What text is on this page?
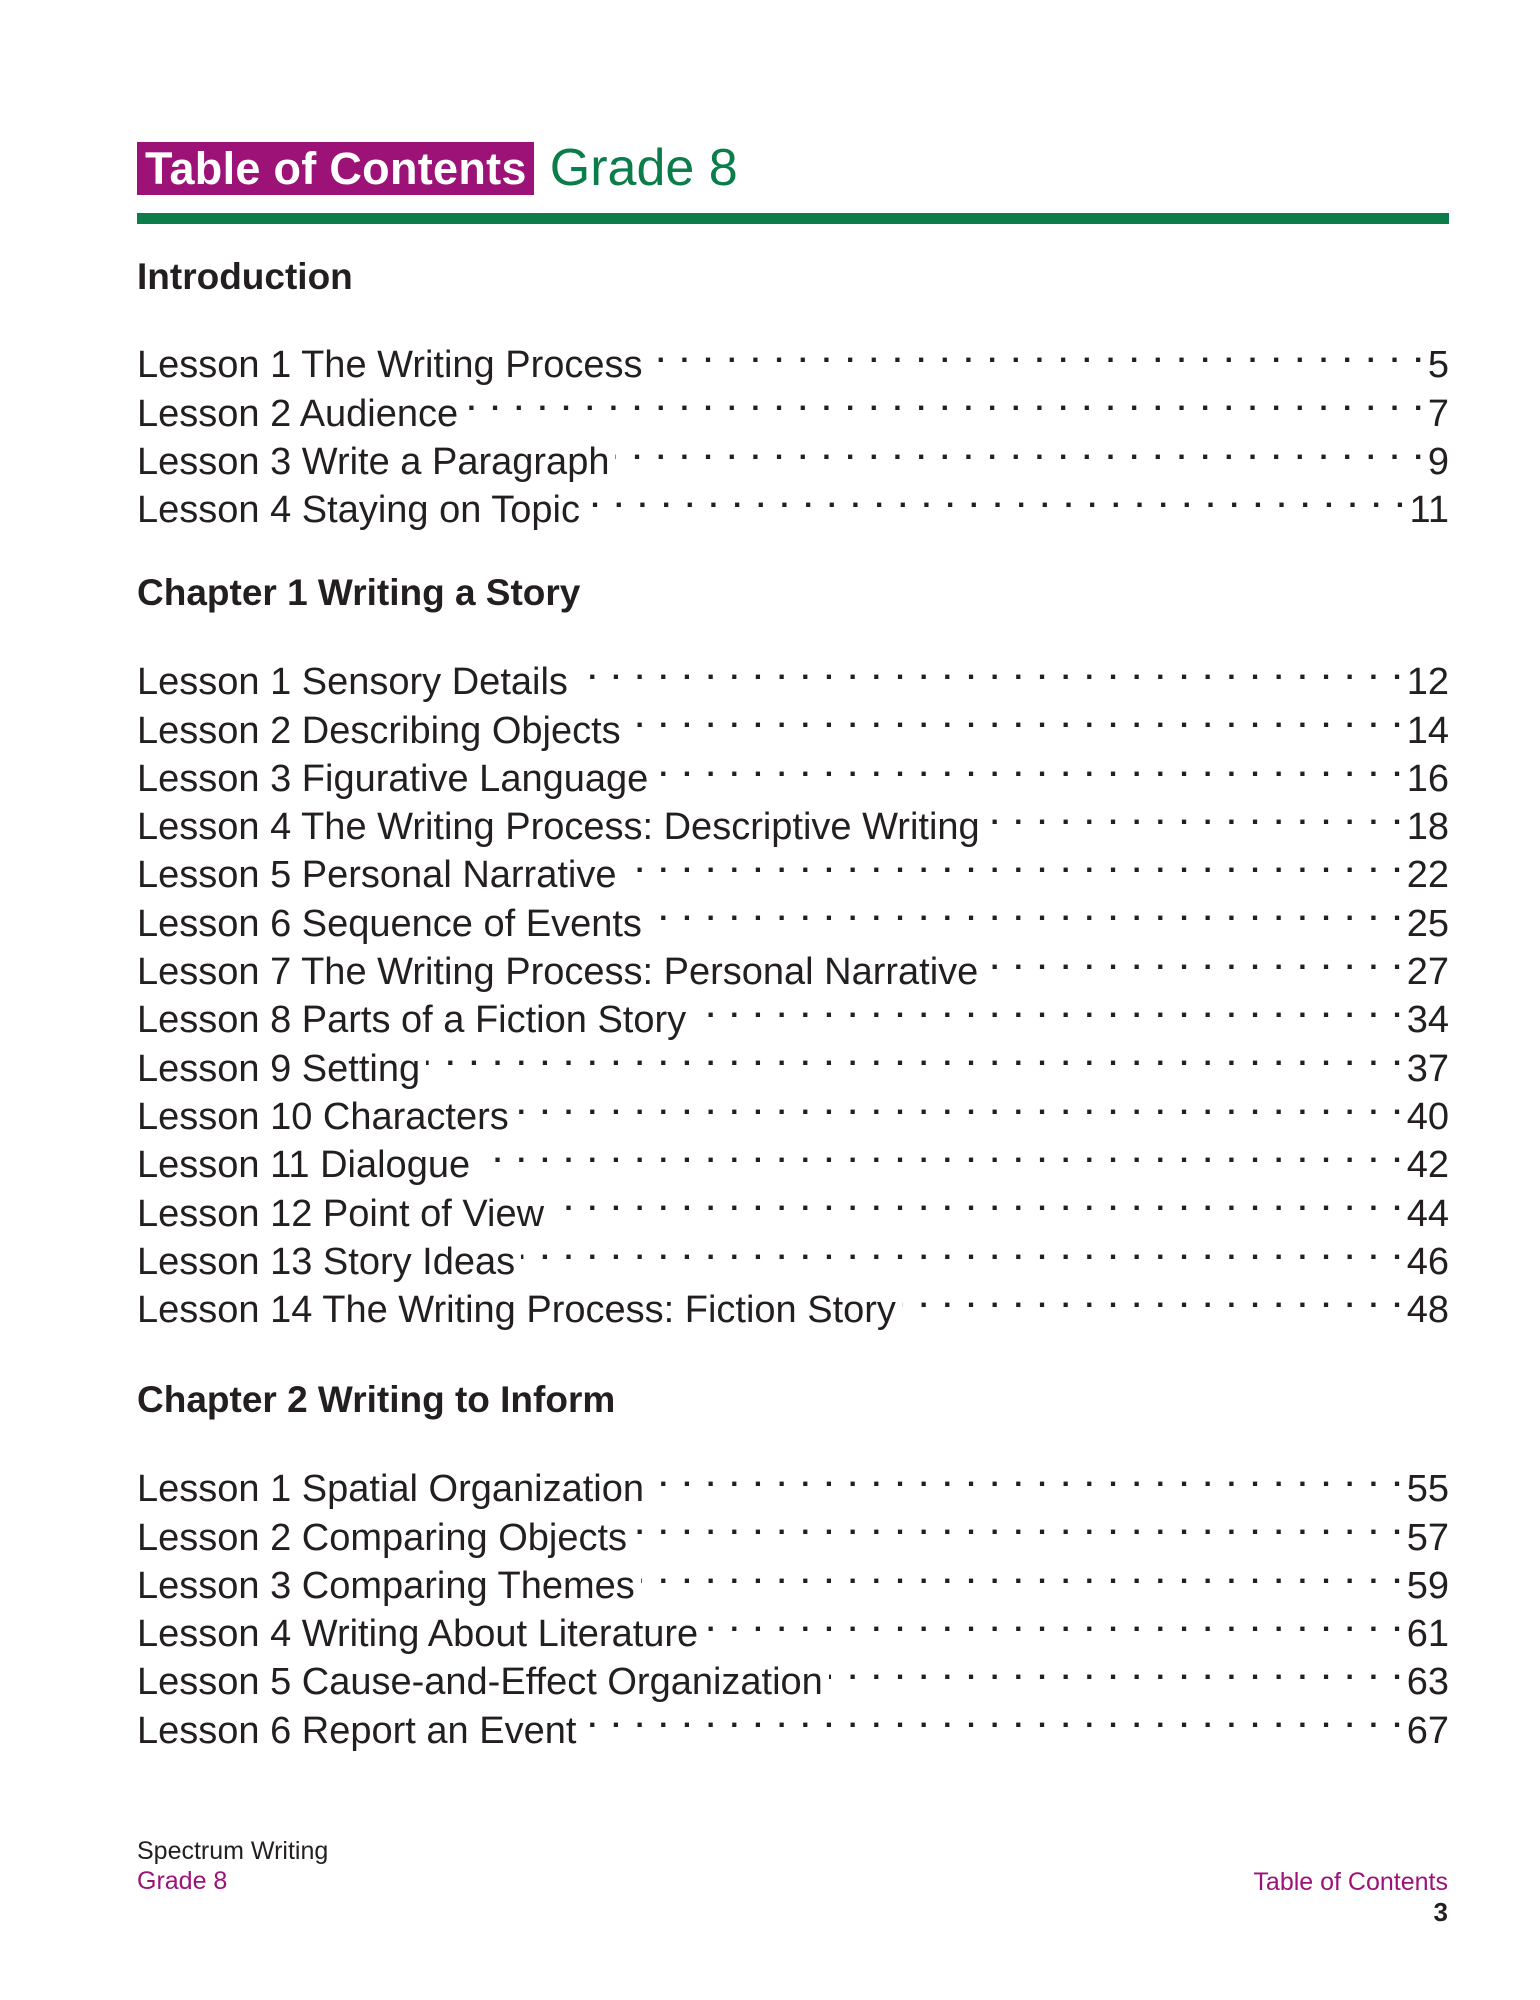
Table of Contents Grade 8
Introduction
Lesson 1 The Writing Process . . .	5
Lesson 2 Audience . . .	7
Lesson 3 Write a Paragraph . . .	9
Lesson 4 Staying on Topic . . .	11
Chapter 1 Writing a Story
Lesson 1 Sensory Details . . .	12
Lesson 2 Describing Objects . . .	14
Lesson 3 Figurative Language . . .	16
Lesson 4 The Writing Process: Descriptive Writing . . .	18
Lesson 5 Personal Narrative . . .	22
Lesson 6 Sequence of Events . . .	25
Lesson 7 The Writing Process: Personal Narrative . . .	27
Lesson 8 Parts of a Fiction Story . . .	34
Lesson 9 Setting . . .	37
Lesson 10 Characters . . .	40
Lesson 11 Dialogue . . .	42
Lesson 12 Point of View . . .	44
Lesson 13 Story Ideas . . .	46
Lesson 14 The Writing Process: Fiction Story . . .	48
Chapter 2 Writing to Inform
Lesson 1 Spatial Organization . . .	55
Lesson 2 Comparing Objects . . .	57
Lesson 3 Comparing Themes . . .	59
Lesson 4 Writing About Literature . . .	61
Lesson 5 Cause-and-Effect Organization . . .	63
Lesson 6 Report an Event . . .	67
Spectrum Writing
Grade 8	Table of Contents
3
